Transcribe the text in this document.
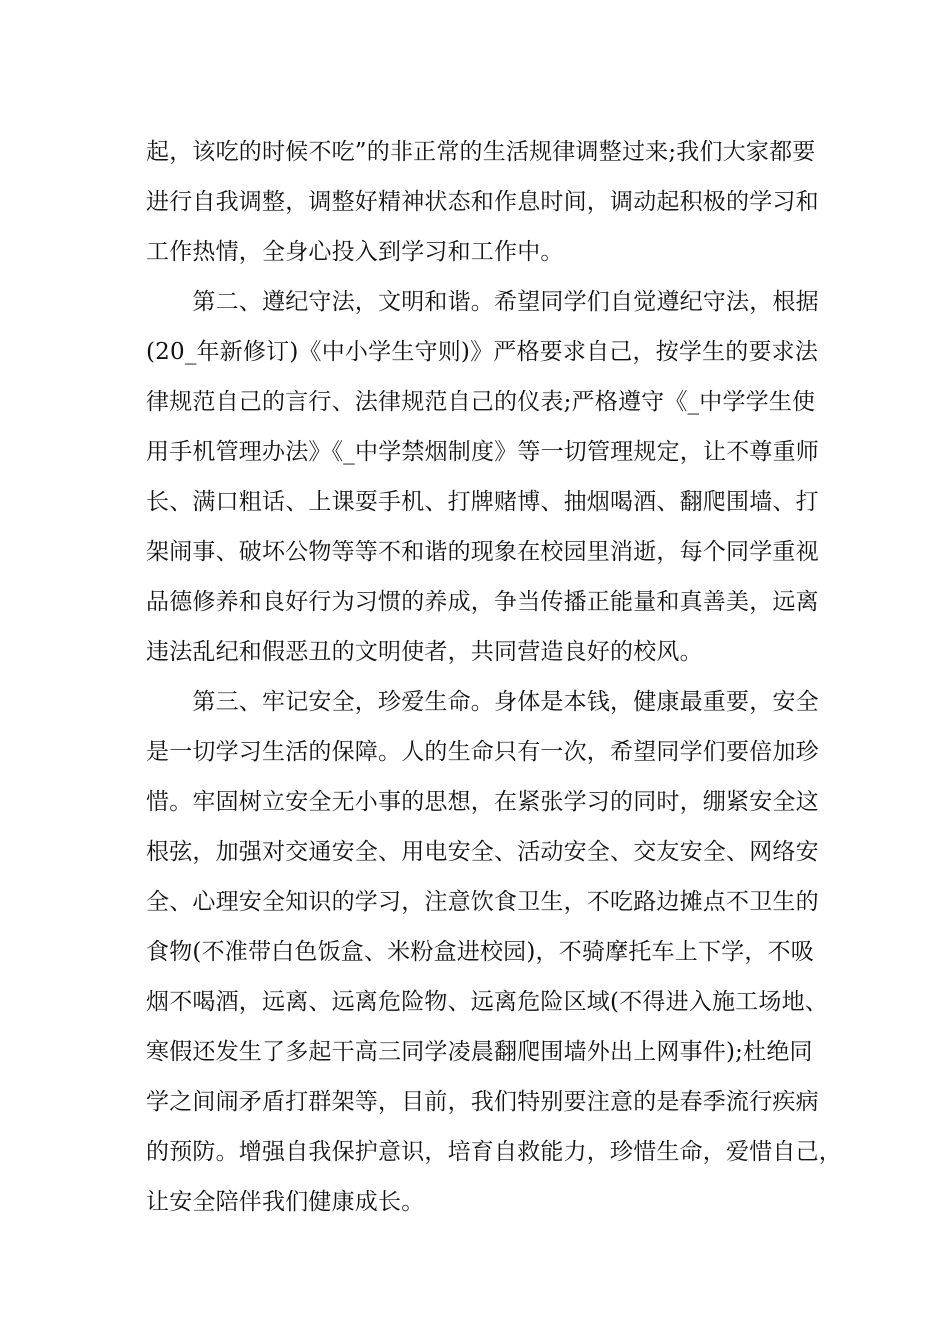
起，该吃的时候不吃”的非正常的生活规律调整过来;我们大家都要
进行自我调整，调整好精神状态和作息时间，调动起积极的学习和
工作热情，全身心投入到学习和工作中。
　　第二、遵纪守法，文明和谐。希望同学们自觉遵纪守法，根据
(20_年新修订)《中小学生守则)》严格要求自己，按学生的要求法
律规范自己的言行、法律规范自己的仪表;严格遵守《_中学学生使
用手机管理办法》《_中学禁烟制度》等一切管理规定，让不尊重师
长、满口粗话、上课耍手机、打牌赌博、抽烟喝酒、翻爬围墙、打
架闹事、破坏公物等等不和谐的现象在校园里消逝，每个同学重视
品德修养和良好行为习惯的养成，争当传播正能量和真善美，远离
违法乱纪和假恶丑的文明使者，共同营造良好的校风。
　　第三、牢记安全，珍爱生命。身体是本钱，健康最重要，安全
是一切学习生活的保障。人的生命只有一次，希望同学们要倍加珍
惜。牢固树立安全无小事的思想，在紧张学习的同时，绷紧安全这
根弦，加强对交通安全、用电安全、活动安全、交友安全、网络安
全、心理安全知识的学习，注意饮食卫生，不吃路边摊点不卫生的
食物(不准带白色饭盒、米粉盒进校园)，不骑摩托车上下学，不吸
烟不喝酒，远离、远离危险物、远离危险区域(不得进入施工场地、
寒假还发生了多起干高三同学凌晨翻爬围墙外出上网事件);杜绝同
学之间闹矛盾打群架等，目前，我们特别要注意的是春季流行疾病
的预防。增强自我保护意识，培育自救能力，珍惜生命，爱惜自己，
让安全陪伴我们健康成长。
